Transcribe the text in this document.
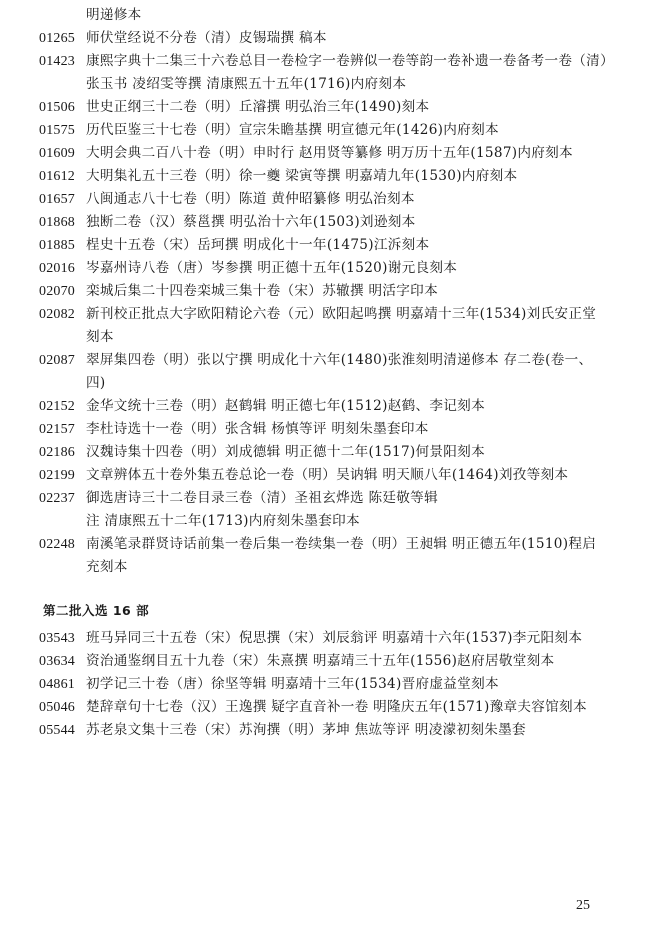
明递修本
01265 师伏堂经说不分卷（清）皮锡瑞撰 稿本
01423 康熙字典十二集三十六卷总目一卷检字一卷辨似一卷等韵一卷补遗一卷备考一卷（清）张玉书 凌绍雯等撰 清康熙五十五年(1716)内府刻本
01506 世史正纲三十二卷（明）丘濬撰 明弘治三年(1490)刻本
01575 历代臣鉴三十七卷（明）宣宗朱瞻基撰 明宣德元年(1426)内府刻本
01609 大明会典二百八十卷（明）申时行 赵用贤等纂修 明万历十五年(1587)内府刻本
01612 大明集礼五十三卷（明）徐一夔 梁寅等撰 明嘉靖九年(1530)内府刻本
01657 八闽通志八十七卷（明）陈道 黄仲昭纂修 明弘治刻本
01868 独断二卷（汉）蔡邕撰 明弘治十六年(1503)刘逊刻本
01885 桯史十五卷（宋）岳珂撰 明成化十一年(1475)江泝刻本
02016 岑嘉州诗八卷（唐）岑参撰 明正德十五年(1520)谢元良刻本
02070 栾城后集二十四卷栾城三集十卷（宋）苏辙撰 明活字印本
02082 新刊校正批点大字欧阳精论六卷（元）欧阳起鸣撰 明嘉靖十三年(1534)刘氏安正堂刻本
02087 翠屏集四卷（明）张以宁撰 明成化十六年(1480)张淮刻明清递修本 存二卷(卷一、四)
02152 金华文统十三卷（明）赵鹤辑 明正德七年(1512)赵鹤、李记刻本
02157 李杜诗选十一卷（明）张含辑 杨慎等评 明刻朱墨套印本
02186 汉魏诗集十四卷（明）刘成德辑 明正德十二年(1517)何景阳刻本
02199 文章辨体五十卷外集五卷总论一卷（明）吴讷辑 明天顺八年(1464)刘孜等刻本
02237 御选唐诗三十二卷目录三卷（清）圣祖玄烨选 陈廷敬等辑
注 清康熙五十二年(1713)内府刻朱墨套印本
02248 南溪笔录群贤诗话前集一卷后集一卷续集一卷（明）王昶辑 明正德五年(1510)程启充刻本
第二批入选 16 部
03543 班马异同三十五卷（宋）倪思撰（宋）刘辰翁评 明嘉靖十六年(1537)李元阳刻本
03634 资治通鉴纲目五十九卷（宋）朱熹撰 明嘉靖三十五年(1556)赵府居敬堂刻本
04861 初学记三十卷（唐）徐坚等辑 明嘉靖十三年(1534)晋府虚益堂刻本
05046 楚辞章句十七卷（汉）王逸撰 疑字直音补一卷 明隆庆五年(1571)豫章夫容馆刻本
05544 苏老泉文集十三卷（宋）苏洵撰（明）茅坤 焦竑等评 明凌濛初刻朱墨套
25
